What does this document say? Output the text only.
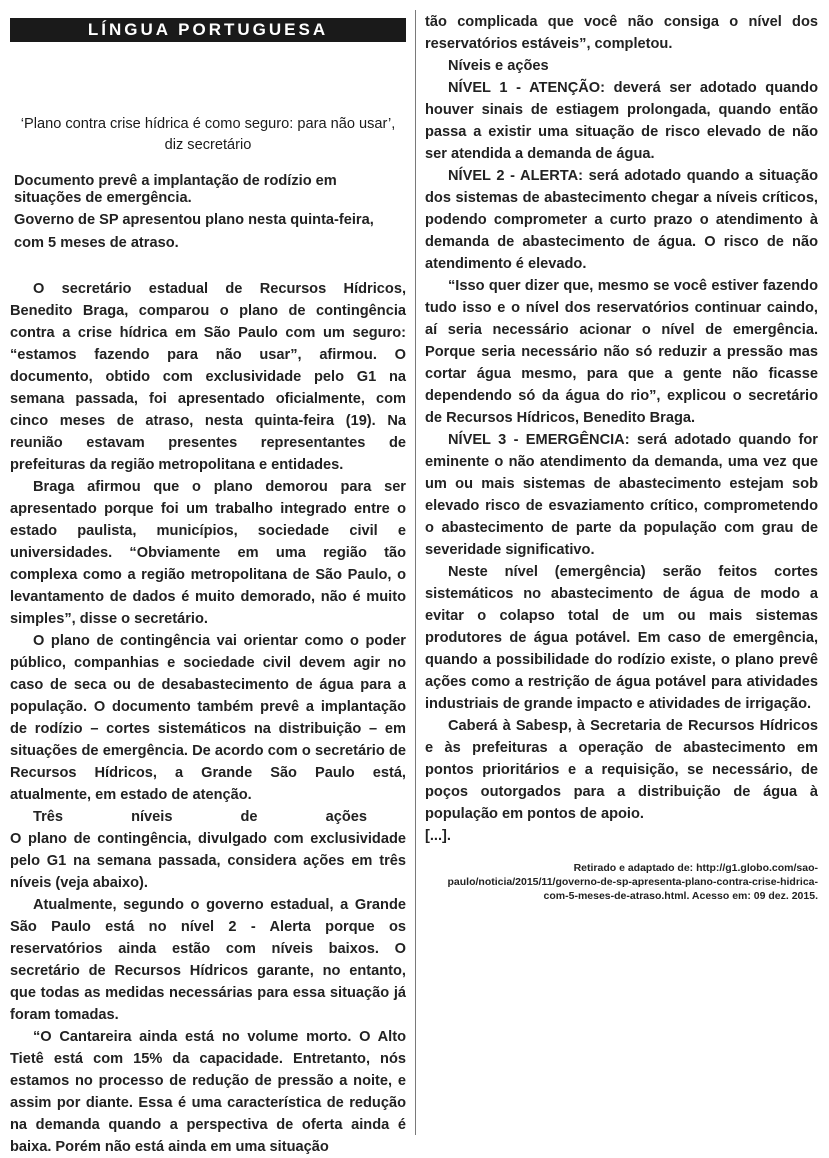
LÍNGUA PORTUGUESA
‘Plano contra crise hídrica é como seguro: para não usar’, diz secretário

Documento prevê a implantação de rodízio em situações de emergência.

Governo de SP apresentou plano nesta quinta-feira, com 5 meses de atraso.

O secretário estadual de Recursos Hídricos, Benedito Braga, comparou o plano de contingência contra a crise hídrica em São Paulo com um seguro: “estamos fazendo para não usar”, afirmou. O documento, obtido com exclusividade pelo G1 na semana passada, foi apresentado oficialmente, com cinco meses de atraso, nesta quinta-feira (19). Na reunião estavam presentes representantes de prefeituras da região metropolitana e entidades.

Braga afirmou que o plano demorou para ser apresentado porque foi um trabalho integrado entre o estado paulista, municípios, sociedade civil e universidades. “Obviamente em uma região tão complexa como a região metropolitana de São Paulo, o levantamento de dados é muito demorado, não é muito simples”, disse o secretário.

O plano de contingência vai orientar como o poder público, companhias e sociedade civil devem agir no caso de seca ou de desabastecimento de água para a população. O documento também prevê a implantação de rodízio – cortes sistemáticos na distribuição – em situações de emergência. De acordo com o secretário de Recursos Hídricos, a Grande São Paulo está, atualmente, em estado de atenção.

Três níveis de ações

O plano de contingência, divulgado com exclusividade pelo G1 na semana passada, considera ações em três níveis (veja abaixo).

Atualmente, segundo o governo estadual, a Grande São Paulo está no nível 2 - Alerta porque os reservatórios ainda estão com níveis baixos. O secretário de Recursos Hídricos garante, no entanto, que todas as medidas necessárias para essa situação já foram tomadas.

“O Cantareira ainda está no volume morto. O Alto Tietê está com 15% da capacidade. Entretanto, nós estamos no processo de redução de pressão a noite, e assim por diante. Essa é uma característica de redução na demanda quando a perspectiva de oferta ainda é baixa. Porém não está ainda em uma situação

tão complicada que você não consiga o nível dos reservatórios estáveis”, completou.

Níveis e ações

NÍVEL 1 - ATENÇÃO: deverá ser adotado quando houver sinais de estiagem prolongada, quando então passa a existir uma situação de risco elevado de não ser atendida a demanda de água.

NÍVEL 2 - ALERTA: será adotado quando a situação dos sistemas de abastecimento chegar a níveis críticos, podendo comprometer a curto prazo o atendimento à demanda de abastecimento de água. O risco de não atendimento é elevado.

“Isso quer dizer que, mesmo se você estiver fazendo tudo isso e o nível dos reservatórios continuar caindo, aí seria necessário acionar o nível de emergência. Porque seria necessário não só reduzir a pressão mas cortar água mesmo, para que a gente não ficasse dependendo só da água do rio”, explicou o secretário de Recursos Hídricos, Benedito Braga.

NÍVEL 3 - EMERGÊNCIA: será adotado quando for eminente o não atendimento da demanda, uma vez que um ou mais sistemas de abastecimento estejam sob elevado risco de esvaziamento crítico, comprometendo o abastecimento de parte da população com grau de severidade significativo.

Neste nível (emergência) serão feitos cortes sistemáticos no abastecimento de água de modo a evitar o colapso total de um ou mais sistemas produtores de água potável. Em caso de emergência, quando a possibilidade do rodízio existe, o plano prevê ações como a restrição de água potável para atividades industriais de grande impacto e atividades de irrigação.

Caberá à Sabesp, à Secretaria de Recursos Hídricos e às prefeituras a operação de abastecimento em pontos prioritários e a requisição, se necessário, de poços outorgados para a distribuição de água à população em pontos de apoio.

[...].

Retirado e adaptado de: http://g1.globo.com/sao-paulo/noticia/2015/11/governo-de-sp-apresenta-plano-contra-crise-hidrica-com-5-meses-de-atraso.html. Acesso em: 09 dez. 2015.
